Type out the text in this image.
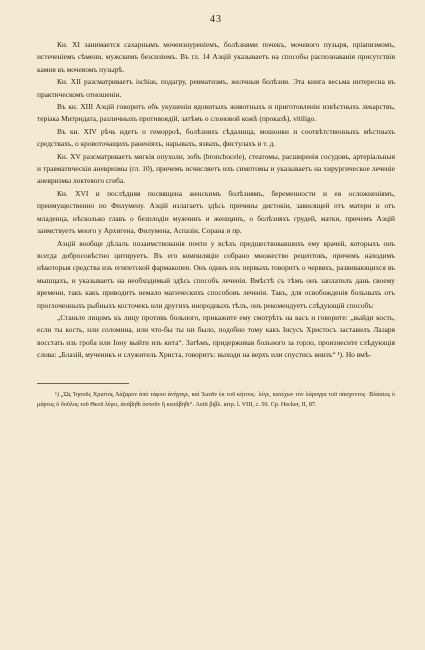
43

Кн. XI занимается сахарнымъ мочеизнуреніемъ, болѣзнями почекъ, мочевого пузыря, пріапизмомъ, истеченіемъ сѣмени, мужскимъ безсиліемъ. Въ гл. 14 Аэцій указываетъ на способы распознаванія присутствія камня въ мочевомъ пузырѣ.

Кн. XII разсматриваетъ ischias, подагру, ревматизмъ, желчныя болѣзни. Эта книга весьма интересна въ практическомъ отношеніи.

Въ кн. XIII Аэцій говоритъ объ укушеніи ядовитыхъ животныхъ и приготовленіи извѣстныхъ лекарствъ, теріака Митридата, различныхъ противоядій, затѣмъ о слоновой кожѣ (проказѣ), vitiligo.

Въ кн. XIV рѣчь идетъ о геморроѣ, болѣзняхъ сѣдалища, мошонки и соотвѣтственныхъ мѣстныхъ средствахъ, о кровоточащихъ раненіяхъ, нарывахъ, язвахъ, фистулахъ и т. д.

Кн. XV разсматриваетъ мягкія опухоли, зобъ (bronchocele), стеатомы, расширенія сосудовъ, артеріальныя и травматическія аневризмы (гл. 10), причемъ исчисляетъ ихъ симптомы и указываетъ на хирургическое леченіе аневризмы локтевого сгиба.

Кн. XVI и послѣдняя посвящена женскимъ болѣзнямъ, беременности и ея осложненіямъ, преимущественно по Филумену. Аэцій излагаетъ здѣсь причины дистокіи, зависящей отъ матери и отъ младенца, нѣсколько главъ о безплодіи мужчинъ и женщинъ, о болѣзняхъ грудей, матки, причемъ Аэцій заимствуетъ много у Архигена, Филумена, Аспазіи, Сорана и пр.

Аэцій вообще дѣлалъ позаимствованія почти у всѣхъ предшествовавшихъ ему врачей, которыхъ онъ всегда добросовѣстно цитируетъ. Въ его компиляціи собрано множество рецептовъ, причемъ находимъ нѣкоторыя средства изъ египетской фармакопеи. Онъ одинъ изъ первыхъ говоритъ о червяхъ, развивающихся въ мышцахъ, и указываетъ на необходимый здѣсь способъ леченія. Вмѣстѣ съ тѣмъ онъ заплатилъ дань своему времени, такъ какъ приводитъ немало магическихъ способовъ леченія. Такъ, для освобожденія больныхъ отъ проглоченныхъ рыбныхъ косточекъ или другихъ инородныхъ тѣлъ, онъ рекомендуетъ слѣдующій способъ:

„Станьте лицомъ къ лицу противъ больного, прикажите ему смотрѣть на васъ и говорите: „выйди кость, если ты кость, или соломина, или что-бы ты ни было, подобно тому какъ Іисусъ Христосъ заставилъ Лазаря восстать изъ гроба или Іону выйти изъ кита“. Затѣмъ, придерживая больного за горло, произнесите слѣдующія слова: „Блазій, мученикъ и служитель Христа, говоритъ: выходи на верхъ или спустись внизъ“ ¹). Но вмѣ-

¹) „Ὡς Ἰησοῦς Χριστὸς Λάζαρον ἀπὸ τάφου ἀνήγαγε, καὶ Ἰωνᾶν ἐκ τοῦ κήτους· λέγε, κατέχων τὸν λάρυγγα τοῦ πάσχοντος· Βλάσιος ὁ μάρτυς ὁ δοῦλος τοῦ Θεοῦ λέγει, ἀνάβηθι ὀστοῦν ἢ κατάβηθι“. Aetii βιβλ. ιατρ. l. VIII, c. 50. Ср. Hecker, II, 87.
